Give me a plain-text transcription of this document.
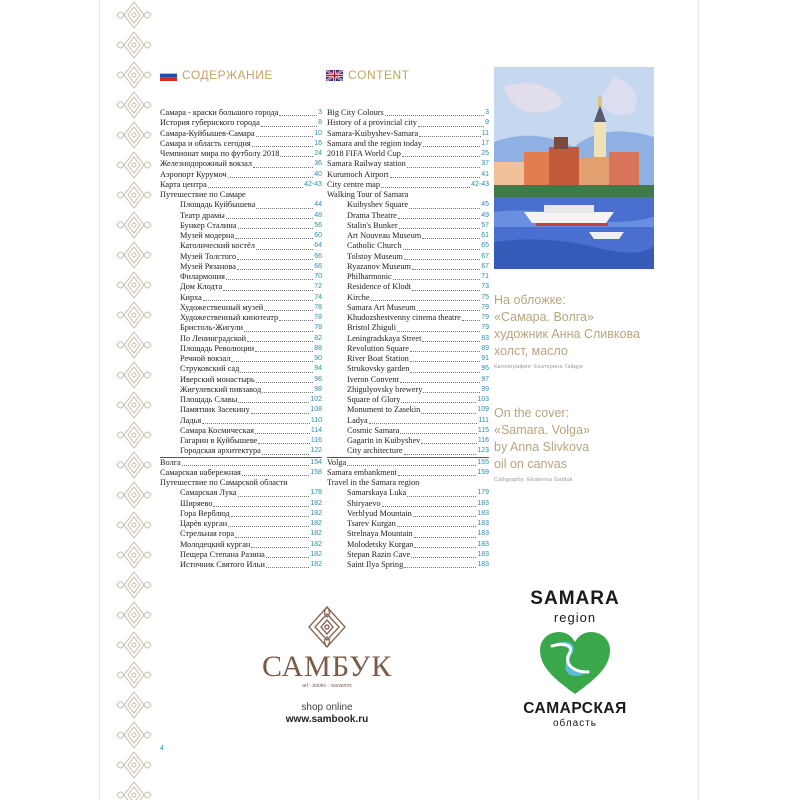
СОДЕРЖАНИЕ	CONTENT
Самара - краски большого города	3
История губернского города	8
Самара-Куйбышев-Самара	10
Самара и область сегодня	16
Чемпионат мира по футболу 2018	24
Железнодорожный вокзал	36
Аэропорт Курумоч	40
Карта центра	42-43
Путешествие по Самаре
Площадь Куйбышева	44
Театр драмы	48
Бункер Сталина	56
Музей модерна	60
Католический костёл	64
Музей Толстого	66
Музей Рязанова	66
Филармония	70
Дом Клодта	72
Кирха	74
Художественный музей	78
Художественный кинотеатр	78
Бристоль-Жигули	78
По Ленинградской	82
Площадь Революции	88
Речной вокзал	90
Струковский сад	94
Иверский монастырь	96
Жигулевский пивзавод	98
Площадь Славы	102
Памятник Засекину	108
Ладья	110
Самара Космическая	114
Гагарин в Куйбышеве	116
Городская архитектура	122
Волга	154
Самарская набережная	158
Путешествие по Самарской области
Самарская Лука	178
Ширяево	182
Гора Верблюд	182
Царёв курган	182
Стрельная гора	182
Молодецкий курган	182
Пещера Степана Разина	182
Источник Святого Ильи	182
Big City Colours	3
History of a provincial city	9
Samara-Kuibyshev-Samara	11
Samara and the region today	17
2018 FIFA World Cup	25
Samara Railway station	37
Kurumoch Airport	41
City centre map	42-43
Walking Tour of Samara
Kuibyshev Square	45
Drama Theatre	49
Stalin's Bunker	57
Art Nouveau Museum	61
Catholic Church	65
Tolstoy Museum	67
Ryazanov Museum	67
Philharmonic	71
Residence of Klodt	73
Kirche	75
Samara Art Museum	79
Khudozshestvenny cinema theatre	79
Bristol Zhiguli	79
Leningradskaya Street	83
Revolution Square	89
River Boat Station	91
Strukovsky garden	95
Iveron Convent	97
Zhigulyovsky brewery	99
Square of Glory	103
Monument to Zasekin	109
Ladya	111
Cosmic Samara	115
Gagarin in Kuibyshev	116
City architecture	123
Volga	155
Samara embankment	159
Travel in the Samara region
Samarskaya Luka	179
Shiryaevo	183
Verblyud Mountain	183
Tsarev Kurgan	183
Strelnaya Mountain	183
Molodetsky Kurgan	183
Stepan Razin Cave	183
Saint Ilya Spring	183
На обложке:
«Самара. Волга»
художник Анна Сливкова
холст, масло
Каллиграфия: Екатерина Гайдук
On the cover:
«Samara. Volga»
by Anna Slivkova
oil on canvas
Calligraphy: Ekaterina Gaiduk
САМБУК
art · books · souvenirs
shop online
www.sambook.ru
SAMARA
region
САМАРСКАЯ
область
4
